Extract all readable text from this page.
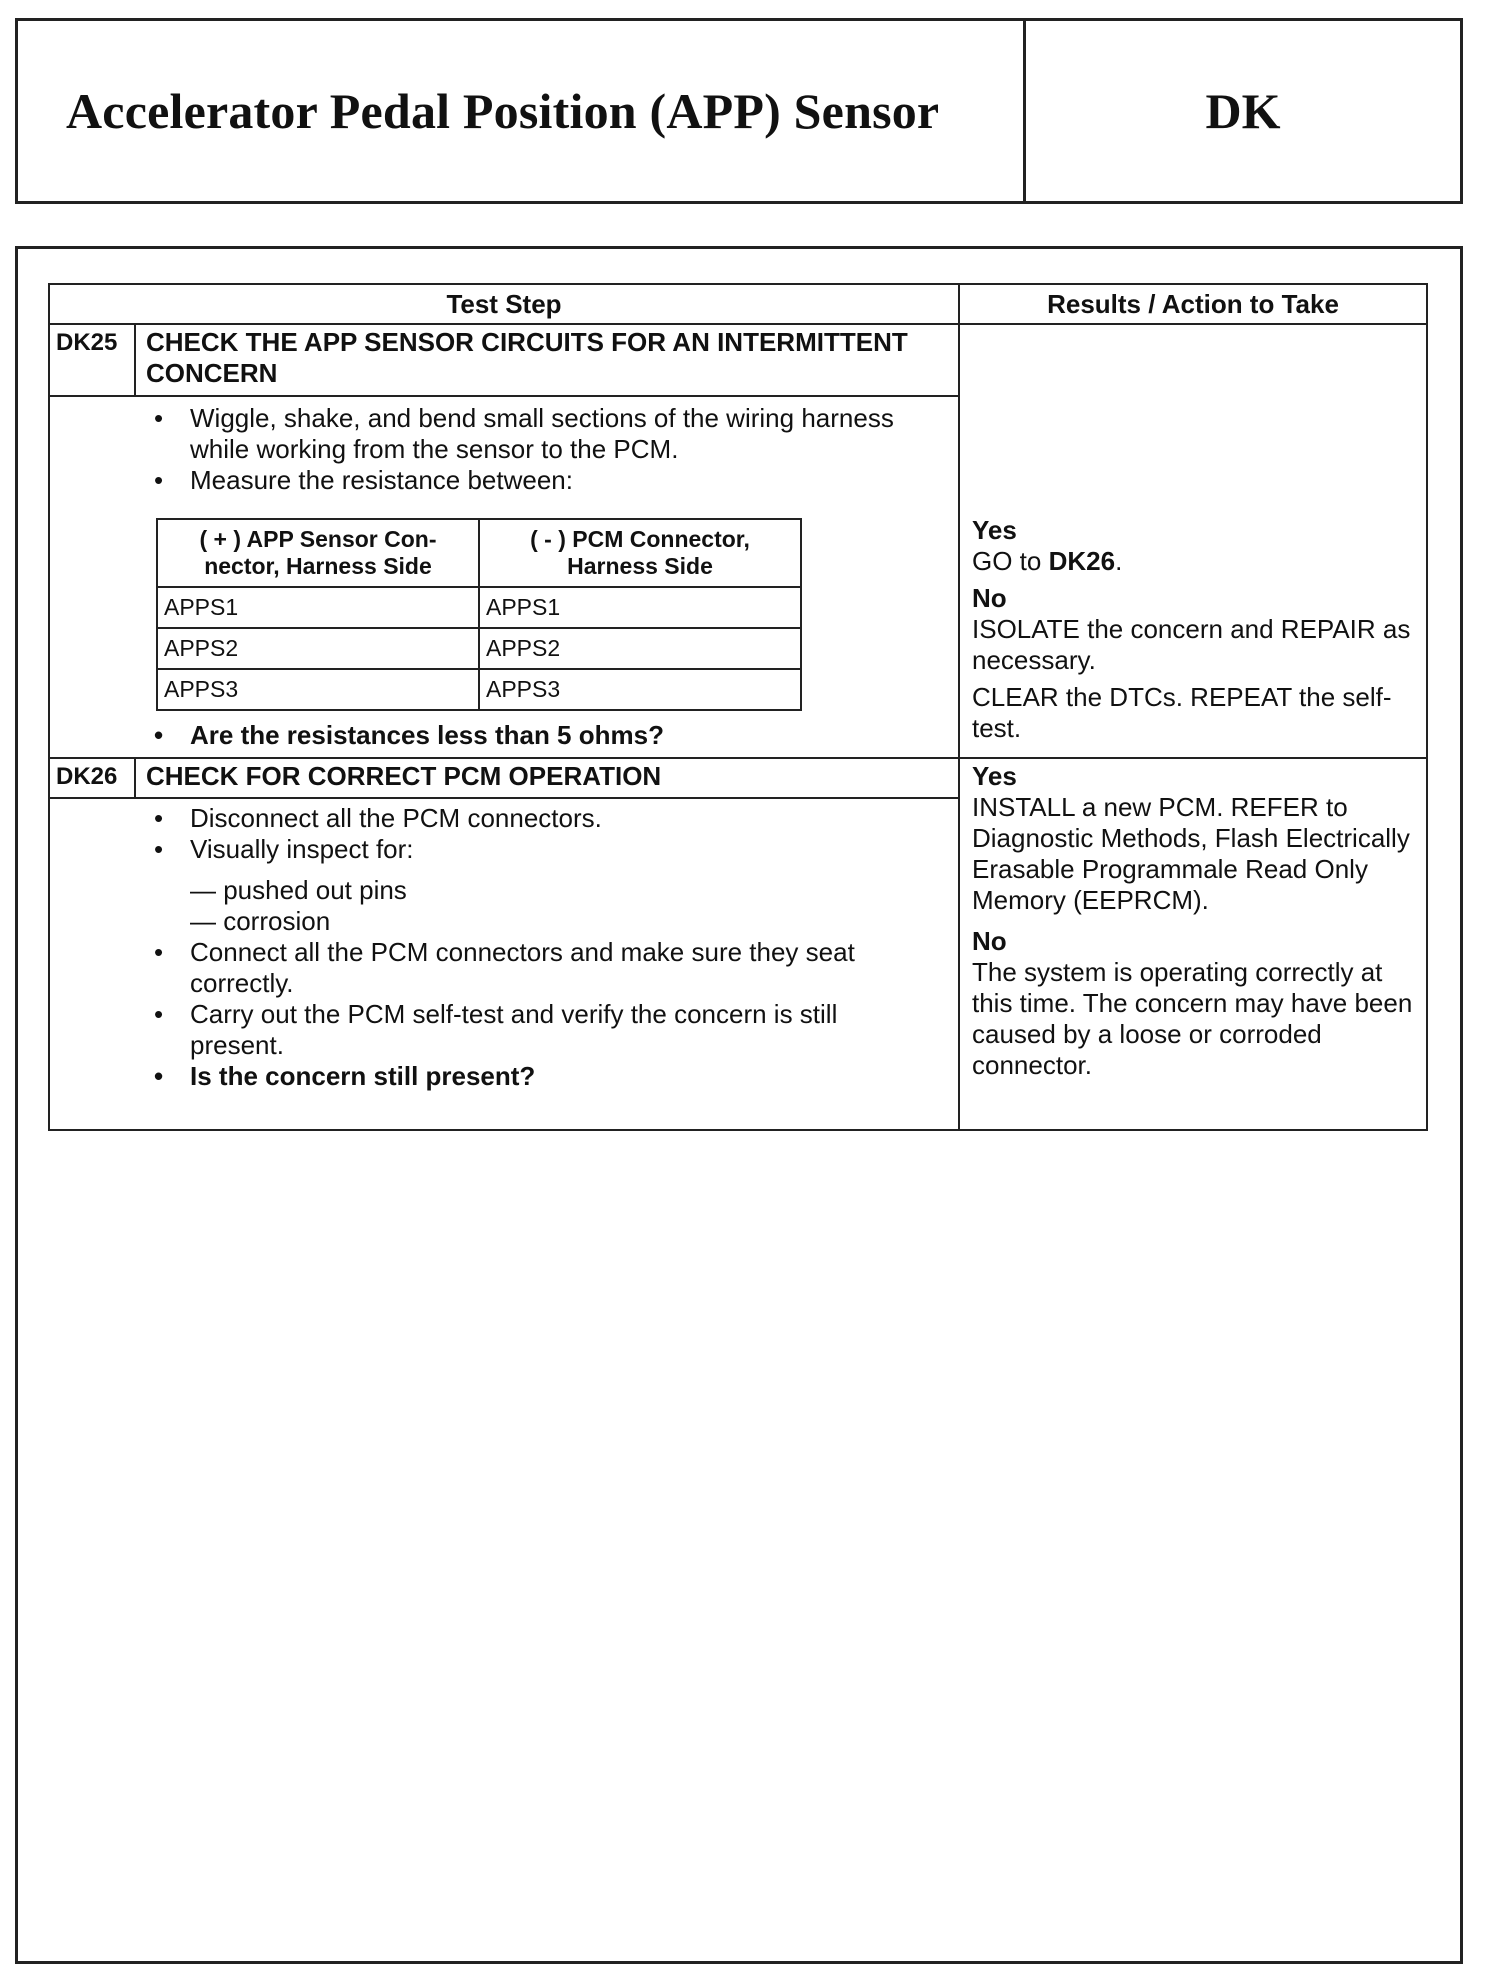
Accelerator Pedal Position (APP) Sensor	DK
Test Step	Results / Action to Take
DK25 CHECK THE APP SENSOR CIRCUITS FOR AN INTERMITTENT CONCERN
• Wiggle, shake, and bend small sections of the wiring harness while working from the sensor to the PCM.
• Measure the resistance between:
( + ) APP Sensor Con-nector, Harness Side	( - ) PCM Connector, Harness Side
APPS1	APPS1
APPS2	APPS2
APPS3	APPS3
• Are the resistances less than 5 ohms?

Yes

GO to DK26.

No

ISOLATE the concern and REPAIR as necessary.

CLEAR the DTCs. REPEAT the self-test.

DK26 CHECK FOR CORRECT PCM OPERATION
• Disconnect all the PCM connectors.
• Visually inspect for:
— pushed out pins
— corrosion
• Connect all the PCM connectors and make sure they seat correctly.
• Carry out the PCM self-test and verify the concern is still present.
• Is the concern still present?

Yes

INSTALL a new PCM. REFER to Diagnostic Methods, Flash Electrically Erasable Programmale Read Only Memory (EEPRCM).

No

The system is operating correctly at this time. The concern may have been caused by a loose or corroded connector.
